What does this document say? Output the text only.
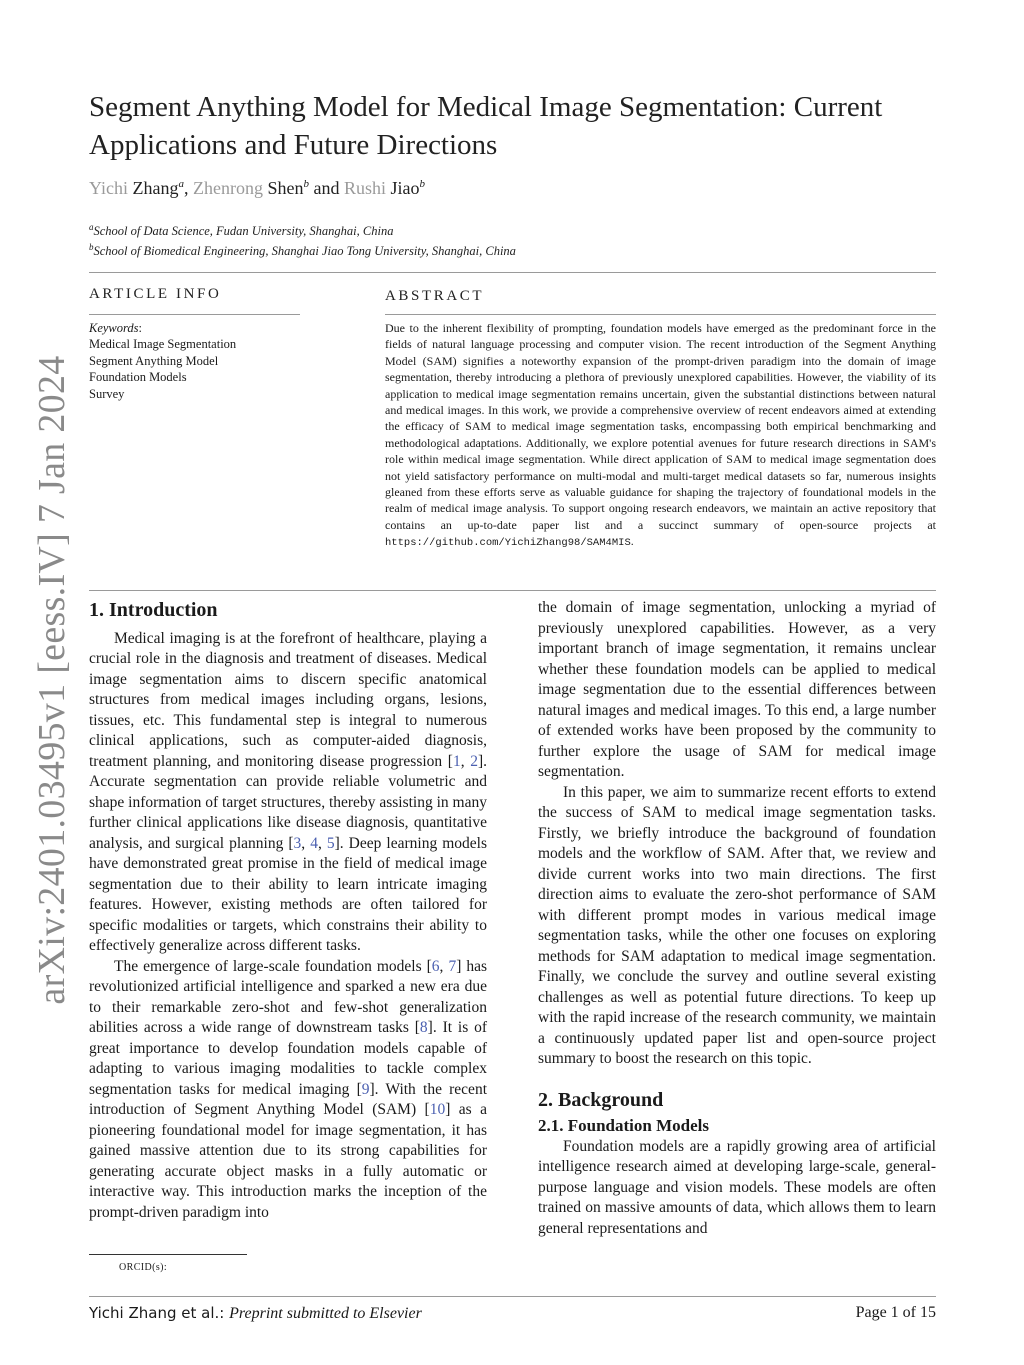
arXiv:2401.03495v1 [eess.IV] 7 Jan 2024
Segment Anything Model for Medical Image Segmentation: Current Applications and Future Directions
Yichi Zhang$^a$, Zhenrong Shen$^b$ and Rushi Jiao$^b$
$^a$School of Data Science, Fudan University, Shanghai, China
$^b$School of Biomedical Engineering, Shanghai Jiao Tong University, Shanghai, China
ARTICLE INFO
Keywords:
Medical Image Segmentation
Segment Anything Model
Foundation Models
Survey
ABSTRACT
Due to the inherent flexibility of prompting, foundation models have emerged as the predominant force in the fields of natural language processing and computer vision. The recent introduction of the Segment Anything Model (SAM) signifies a noteworthy expansion of the prompt-driven paradigm into the domain of image segmentation, thereby introducing a plethora of previously unexplored capabilities. However, the viability of its application to medical image segmentation remains uncertain, given the substantial distinctions between natural and medical images. In this work, we provide a comprehensive overview of recent endeavors aimed at extending the efficacy of SAM to medical image segmentation tasks, encompassing both empirical benchmarking and methodological adaptations. Additionally, we explore potential avenues for future research directions in SAM's role within medical image segmentation. While direct application of SAM to medical image segmentation does not yield satisfactory performance on multi-modal and multi-target medical datasets so far, numerous insights gleaned from these efforts serve as valuable guidance for shaping the trajectory of foundational models in the realm of medical image analysis. To support ongoing research endeavors, we maintain an active repository that contains an up-to-date paper list and a succinct summary of open-source projects at https://github.com/YichiZhang98/SAM4MIS.
1. Introduction

Medical imaging is at the forefront of healthcare, playing a crucial role in the diagnosis and treatment of diseases. Medical image segmentation aims to discern specific anatomical structures from medical images including organs, lesions, tissues, etc. This fundamental step is integral to numerous clinical applications, such as computer-aided diagnosis, treatment planning, and monitoring disease progression [1, 2]. Accurate segmentation can provide reliable volumetric and shape information of target structures, thereby assisting in many further clinical applications like disease diagnosis, quantitative analysis, and surgical planning [3, 4, 5]. Deep learning models have demonstrated great promise in the field of medical image segmentation due to their ability to learn intricate imaging features. However, existing methods are often tailored for specific modalities or targets, which constrains their ability to effectively generalize across different tasks.

The emergence of large-scale foundation models [6, 7] has revolutionized artificial intelligence and sparked a new era due to their remarkable zero-shot and few-shot generalization abilities across a wide range of downstream tasks [8]. It is of great importance to develop foundation models capable of adapting to various imaging modalities to tackle complex segmentation tasks for medical imaging [9]. With the recent introduction of Segment Anything Model (SAM) [10] as a pioneering foundational model for image segmentation, it has gained massive attention due to its strong capabilities for generating accurate object masks in a fully automatic or interactive way. This introduction marks the inception of the prompt-driven paradigm into

the domain of image segmentation, unlocking a myriad of previously unexplored capabilities. However, as a very important branch of image segmentation, it remains unclear whether these foundation models can be applied to medical image segmentation due to the essential differences between natural images and medical images. To this end, a large number of extended works have been proposed by the community to further explore the usage of SAM for medical image segmentation.

In this paper, we aim to summarize recent efforts to extend the success of SAM to medical image segmentation tasks. Firstly, we briefly introduce the background of foundation models and the workflow of SAM. After that, we review and divide current works into two main directions. The first direction aims to evaluate the zero-shot performance of SAM with different prompt modes in various medical image segmentation tasks, while the other one focuses on exploring methods for SAM adaptation to medical image segmentation. Finally, we conclude the survey and outline several existing challenges as well as potential future directions. To keep up with the rapid increase of the research community, we maintain a continuously updated paper list and open-source project summary to boost the research on this topic.

2. Background
2.1. Foundation Models

Foundation models are a rapidly growing area of artificial intelligence research aimed at developing large-scale, general-purpose language and vision models. These models are often trained on massive amounts of data, which allows them to learn general representations and

ORCID(s):
Yichi Zhang et al.: Preprint submitted to Elsevier	Page 1 of 15
